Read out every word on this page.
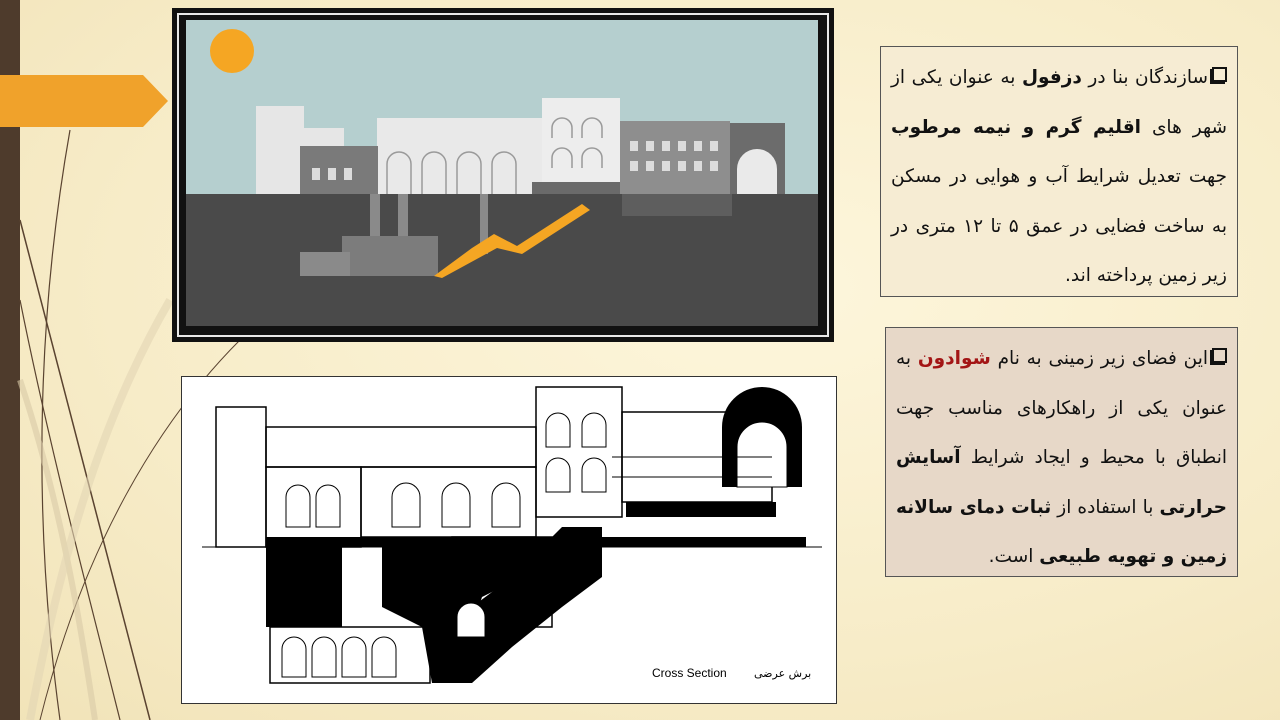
Cross Section برش عرضی
سازندگان بنا در دزفول به عنوان یکی از شهر های اقلیم گرم و نیمه مرطوب جهت تعدیل شرایط آب و هوایی در مسکن به ساخت فضایی در عمق ۵ تا ۱۲ متری در زیر زمین پرداخته اند.
این فضای زیر زمینی به نام شوادون به عنوان یکی از راهکارهای مناسب جهت انطباق با محیط و ایجاد شرایط آسایش حرارتی با استفاده از ثبات دمای سالانه زمین و تهویه طبیعی است.
